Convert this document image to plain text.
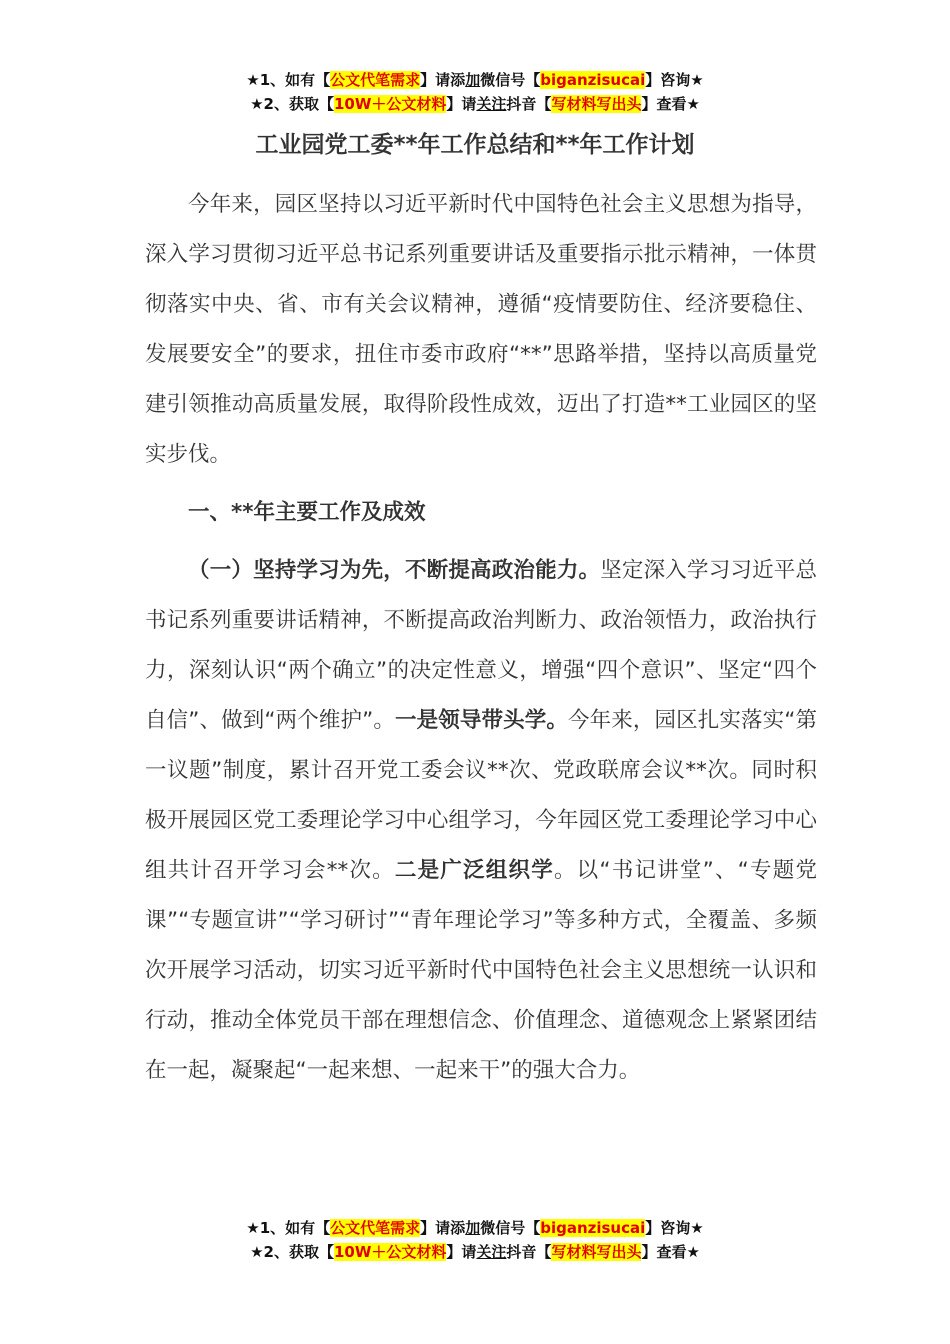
★1、如有【公文代笔需求】请添加微信号【biganzisucai】咨询★
★2、获取【10W＋公文材料】请关注抖音【写材料写出头】查看★
工业园党工委**年工作总结和**年工作计划

今年来，园区坚持以习近平新时代中国特色社会主义思想为指导，深入学习贯彻习近平总书记系列重要讲话及重要指示批示精神，一体贯彻落实中央、省、市有关会议精神，遵循“疫情要防住、经济要稳住、发展要安全”的要求，扭住市委市政府“**”思路举措，坚持以高质量党建引领推动高质量发展，取得阶段性成效，迈出了打造**工业园区的坚实步伐。

一、**年主要工作及成效

（一）坚持学习为先，不断提高政治能力。坚定深入学习习近平总书记系列重要讲话精神，不断提高政治判断力、政治领悟力，政治执行力，深刻认识“两个确立”的决定性意义，增强“四个意识”、坚定“四个自信”、做到“两个维护”。一是领导带头学。今年来，园区扎实落实“第一议题”制度，累计召开党工委会议**次、党政联席会议**次。同时积极开展园区党工委理论学习中心组学习，今年园区党工委理论学习中心组共计召开学习会**次。二是广泛组织学。以“书记讲堂”、“专题党课”“专题宣讲”“学习研讨”“青年理论学习”等多种方式，全覆盖、多频次开展学习活动，切实习近平新时代中国特色社会主义思想统一认识和行动，推动全体党员干部在理想信念、价值理念、道德观念上紧紧团结在一起，凝聚起“一起来想、一起来干”的强大合力。

★1、如有【公文代笔需求】请添加微信号【biganzisucai】咨询★
★2、获取【10W＋公文材料】请关注抖音【写材料写出头】查看★
